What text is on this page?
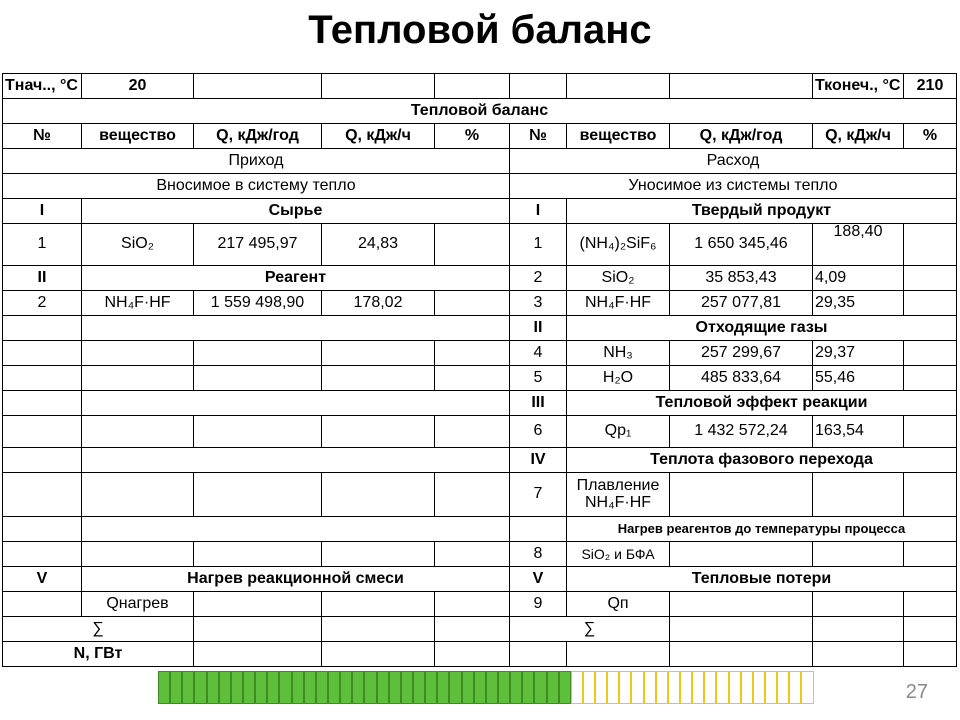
Тепловой баланс
Тнач.., °С	20							Тконеч., °С	210
Тепловой баланс									
№	вещество	Q, кДж/год	Q, кДж/ч	%	№	вещество	Q, кДж/год	Q, кДж/ч	%
Приход					Расход				
Вносимое в систему тепло					Уносимое из системы тепло				
I	Сырье				I	Твердый продукт			
1	SiO₂	217 495,97	24,83		1	(NH₄)₂SiF₆	1 650 345,46	188,40	
II	Реагент				2	SiO₂	35 853,43	4,09	
2	NH₄F·HF	1 559 498,90	178,02		3	NH₄F·HF	257 077,81	29,35	
					II	Отходящие газы			
					4	NH₃	257 299,67	29,37	
					5	H₂O	485 833,64	55,46	
					III	Тепловой эффект реакции			
					6	Qр₁	1 432 572,24	163,54	
					IV	Теплота фазового перехода			
					7	Плавление NH₄F·HF			
						Нагрев реагентов до температуры процесса			
					8	SiO₂ и БФА			
V	Нагрев реакционной смеси				V	Тепловые потери			
	Qнагрев				9	Qп			
∑					∑				
N, ГВт									
27
